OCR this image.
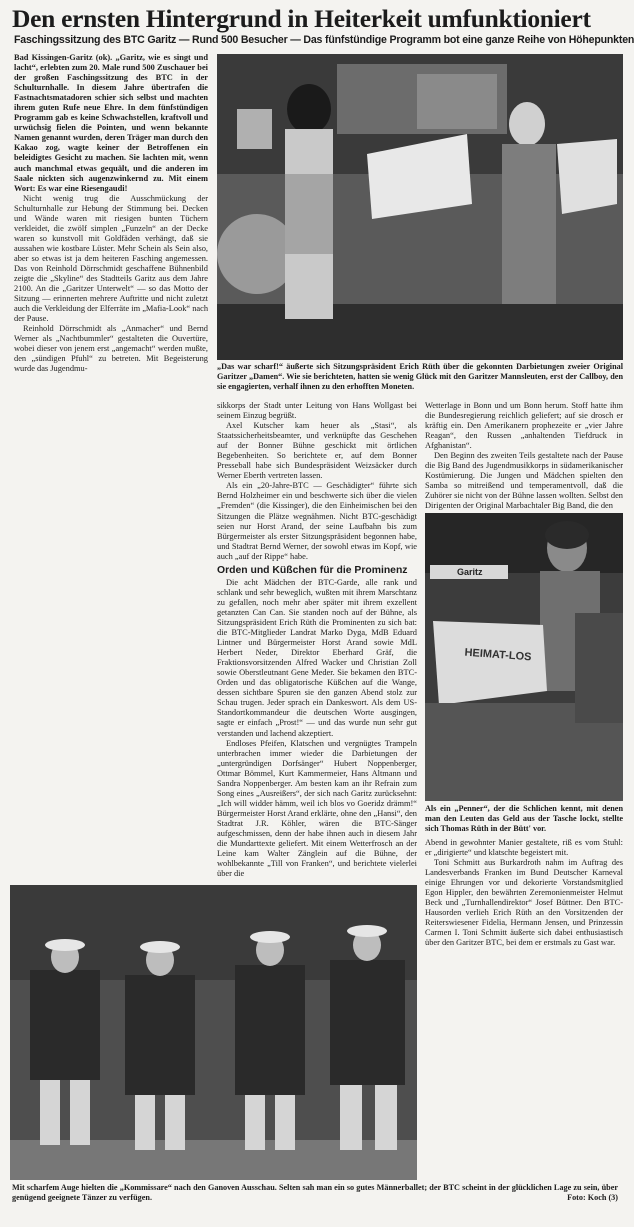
Den ernsten Hintergrund in Heiterkeit umfunktioniert
Faschingssitzung des BTC Garitz — Rund 500 Besucher — Das fünfstündige Programm bot eine ganze Reihe von Höhepunkten

Bad Kissingen-Garitz (ok). „Garitz, wie es singt und lacht“, erlebten zum 20. Male rund 500 Zuschauer bei der großen Faschingssitzung des BTC in der Schulturnhalle. In diesem Jahre übertrafen die Fastnachtsmatadoren schier sich selbst und machten ihrem guten Rufe neue Ehre. In dem fünfstündigen Programm gab es keine Schwachstellen, kraftvoll und urwüchsig fielen die Pointen, und wenn bekannte Namen genannt wurden, deren Träger man durch den Kakao zog, wagte keiner der Betroffenen ein beleidigtes Gesicht zu machen. Sie lachten mit, wenn auch manchmal etwas gequält, und die anderen im Saale nickten sich augenzwinkernd zu. Mit einem Wort: Es war eine Riesengaudi!

Nicht wenig trug die Ausschmückung der Schulturnhalle zur Hebung der Stimmung bei. Decken und Wände waren mit riesigen bunten Tüchern verkleidet, die zwölf simplen „Funzeln“ an der Decke waren so kunstvoll mit Goldfäden verhängt, daß sie aussahen wie kostbare Lüster. Mehr Schein als Sein also, aber so etwas ist ja dem heiteren Fasching angemessen. Das von Reinhold Dörrschmidt geschaffene Bühnenbild zeigte die „Skyline“ des Stadtteils Garitz aus dem Jahre 2100. An die „Garitzer Unterwelt“ — so das Motto der Sitzung — erinnerten mehrere Auftritte und nicht zuletzt auch die Verkleidung der Elferräte im „Mafia-Look“ nach der Pause.

Reinhold Dörrschmidt als „Anmacher“ und Bernd Werner als „Nachtbummler“ gestalteten die Ouvertüre, wobei dieser von jenem erst „angemacht“ werden mußte, den „sündigen Pfuhl“ zu betreten. Mit Begeisterung wurde das Jugendmu-	„Das war scharf!“ äußerte sich Sitzungspräsident Erich Rüth über die gekonnten Darbietungen zweier Original Garitzer „Damen“. Wie sie berichteten, hatten sie wenig Glück mit den Garitzer Mannsleuten, erst der Callboy, den sie engagierten, verhalf ihnen zu den erhofften Moneten.

sikkorps der Stadt unter Leitung von Hans Wollgast bei seinem Einzug begrüßt.

Axel Kutscher kam heuer als „Stasi“, als Staatssicherheitsbeamter, und verknüpfte das Geschehen auf der Bonner Bühne geschickt mit örtlichen Begebenheiten. So berichtete er, auf dem Bonner Presseball habe sich Bundespräsident Weizsäcker durch Werner Eberth vertreten lassen.

Als ein „20-Jahre-BTC — Geschädigter“ führte sich Bernd Holzheimer ein und beschwerte sich über die vielen „Fremden“ (die Kissinger), die den Einheimischen bei den Sitzungen die Plätze wegnähmen. Nicht BTC-geschädigt seien nur Horst Arand, der seine Laufbahn bis zum Bürgermeister als erster Sitzungspräsident begonnen habe, und Stadtrat Bernd Werner, der sowohl etwas im Kopf, wie auch „auf der Rippe“ habe.

Orden und Küßchen für die Prominenz

Die acht Mädchen der BTC-Garde, alle rank und schlank und sehr beweglich, wußten mit ihrem Marschtanz zu gefallen, noch mehr aber später mit ihrem exzellent getanzten Can Can. Sie standen noch auf der Bühne, als Sitzungspräsident Erich Rüth die Prominenten zu sich bat: die BTC-Mitglieder Landrat Marko Dyga, MdB Eduard Lintner und Bürgermeister Horst Arand sowie MdL Herbert Neder, Direktor Eberhard Gräf, die Fraktionsvorsitzenden Alfred Wacker und Christian Zoll sowie Oberstleutnant Gene Meder. Sie bekamen den BTC-Orden und das obligatorische Küßchen auf die Wange, dessen sichtbare Spuren sie den ganzen Abend stolz zur Schau trugen. Jeder sprach ein Dankeswort. Als dem US-Standortkommandeur die deutschen Worte ausgingen, sagte er einfach „Prost!“ — und das wurde nun sehr gut verstanden und lachend akzeptiert.

Endloses Pfeifen, Klatschen und vergnügtes Trampeln unterbrachen immer wieder die Darbietungen der „untergründigen Dorfsänger“ Hubert Noppenberger, Ottmar Bömmel, Kurt Kammermeier, Hans Altmann und Sandra Noppenberger. Am besten kam an ihr Refrain zum Song eines „Ausreißers“, der sich nach Garitz zurücksehnt: „Ich will widder hämm, weil ich blos vo Goeridz drämm!“ Bürgermeister Horst Arand erklärte, ohne den „Hansi“, den Stadtrat J.R. Köhler, wären die BTC-Sänger aufgeschmissen, denn der habe ihnen auch in diesem Jahr die Mundarttexte geliefert. Mit einem Wetterfrosch an der Leine kam Walter Zänglein auf die Bühne, der wohlbekannte „Till von Franken“, und berichtete vielerlei über die

Wetterlage in Bonn und um Bonn herum. Stoff hatte ihm die Bundesregierung reichlich geliefert; auf sie drosch er kräftig ein. Den Amerikanern prophezeite er „vier Jahre Reagan“, den Russen „anhaltenden Tiefdruck in Afghanistan“.

Den Beginn des zweiten Teils gestaltete nach der Pause die Big Band des Jugendmusikkorps in südamerikanischer Kostümierung. Die Jungen und Mädchen spielten den Samba so mitreißend und temperamentvoll, daß die Zuhörer sie nicht von der Bühne lassen wollten. Selbst den Dirigenten der Original Marbachtaler Big Band, die den

Garitz
HEIMAT-LOS
Als ein „Penner“, der die Schlichen kennt, mit denen man den Leuten das Geld aus der Tasche lockt, stellte sich Thomas Rüth in der Bütt' vor.

Abend in gewohnter Manier gestaltete, riß es vom Stuhl: er „dirigierte“ und klatschte begeistert mit.

Toni Schmitt aus Burkardroth nahm im Auftrag des Landesverbands Franken im Bund Deutscher Karneval einige Ehrungen vor und dekorierte Vorstandsmitglied Egon Hippler, den bewährten Zeremonienmeister Helmut Beck und „Turnhallendirektor“ Josef Büttner. Den BTC-Hausorden verlieh Erich Rüth an den Vorsitzenden der Reiterswiesener Fidelia, Hermann Jensen, und Prinzessin Carmen I. Toni Schmitt äußerte sich dabei enthusiastisch über den Garitzer BTC, bei dem er erstmals zu Gast war.

Mit scharfem Auge hielten die „Kommissare“ nach den Ganoven Ausschau. Selten sah man ein so gutes Männerballet; der BTC scheint in der glücklichen Lage zu sein, über genügend geeignete Tänzer zu verfügen.	Foto: Koch (3)
